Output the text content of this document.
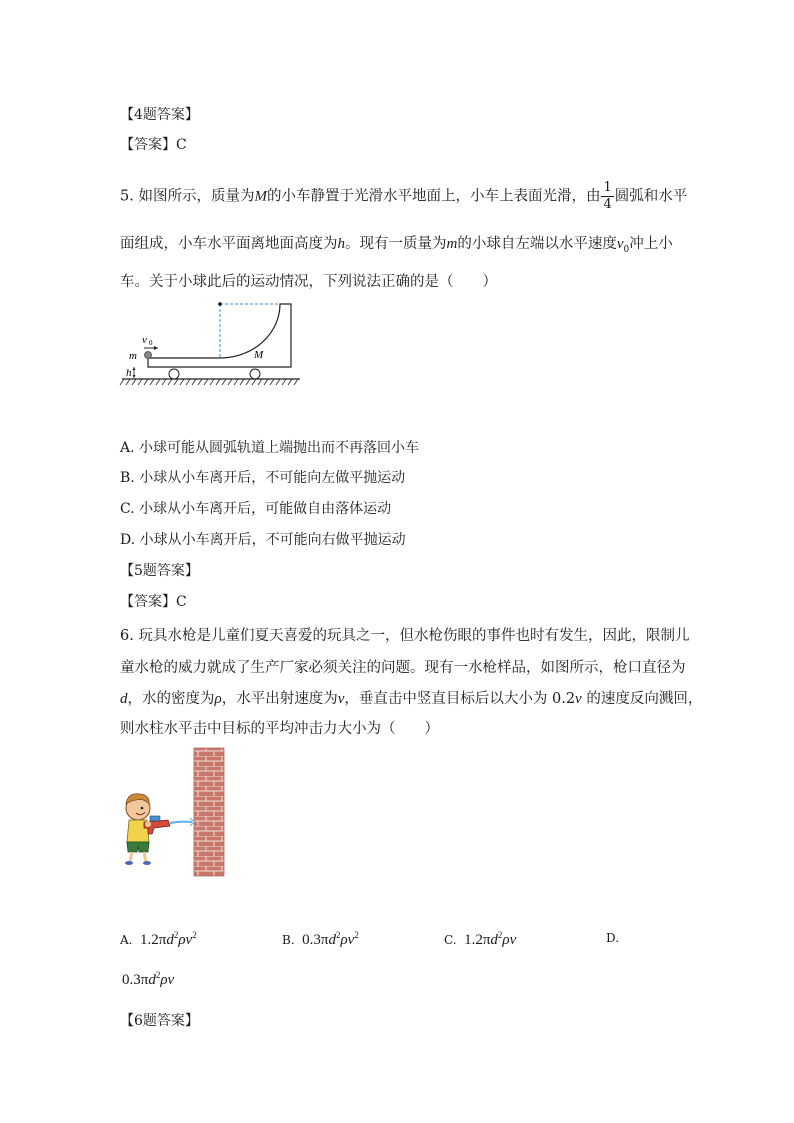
【4题答案】
【答案】C
5. 如图所示，质量为M的小车静置于光滑水平地面上，小车上表面光滑，由 $\frac{1}{4}$ 圆弧和水平
面组成，小车水平面离地面高度为h。现有一质量为m的小球自左端以水平速度$v_0$冲上小
车。关于小球此后的运动情况，下列说法正确的是（　　）
v 0
m	M
h
A. 小球可能从圆弧轨道上端抛出而不再落回小车
B. 小球从小车离开后，不可能向左做平抛运动
C. 小球从小车离开后，可能做自由落体运动
D. 小球从小车离开后，不可能向右做平抛运动
【5题答案】
【答案】C
6. 玩具水枪是儿童们夏天喜爱的玩具之一，但水枪伤眼的事件也时有发生，因此，限制儿
童水枪的威力就成了生产厂家必须关注的问题。现有一水枪样品，如图所示，枪口直径为
d，水的密度为ρ，水平出射速度为v，垂直击中竖直目标后以大小为 0.2v 的速度反向溅回，
则水柱水平击中目标的平均冲击力大小为（　　）
A. $1.2\pi d^2\rho v^2$	B. $0.3\pi d^2\rho v^2$	C. $1.2\pi d^2\rho v$	D.
$0.3\pi d^2\rho v$
【6题答案】
